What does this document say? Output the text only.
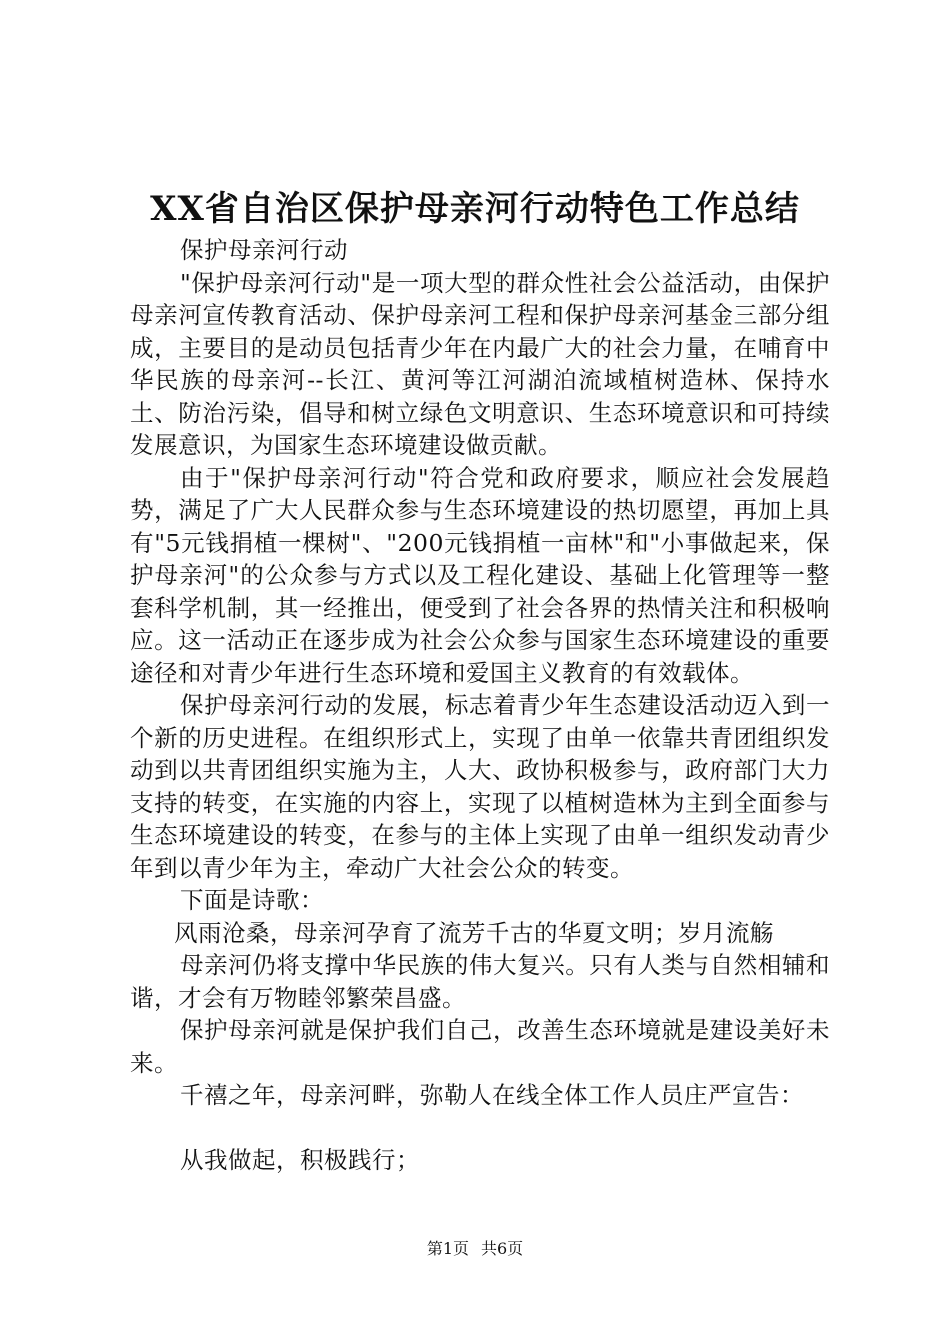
XX省自治区保护母亲河行动特色工作总结

保护母亲河行动

"保护母亲河行动"是一项大型的群众性社会公益活动，由保护母亲河宣传教育活动、保护母亲河工程和保护母亲河基金三部分组成，主要目的是动员包括青少年在内最广大的社会力量，在哺育中华民族的母亲河--长江、黄河等江河湖泊流域植树造林、保持水土、防治污染，倡导和树立绿色文明意识、生态环境意识和可持续发展意识，为国家生态环境建设做贡献。

由于"保护母亲河行动"符合党和政府要求，顺应社会发展趋势，满足了广大人民群众参与生态环境建设的热切愿望，再加上具有"5元钱捐植一棵树"、"200元钱捐植一亩林"和"小事做起来，保护母亲河"的公众参与方式以及工程化建设、基础上化管理等一整套科学机制，其一经推出，便受到了社会各界的热情关注和积极响应。这一活动正在逐步成为社会公众参与国家生态环境建设的重要途径和对青少年进行生态环境和爱国主义教育的有效载体。

保护母亲河行动的发展，标志着青少年生态建设活动迈入到一个新的历史进程。在组织形式上，实现了由单一依靠共青团组织发动到以共青团组织实施为主，人大、政协积极参与，政府部门大力支持的转变，在实施的内容上，实现了以植树造林为主到全面参与生态环境建设的转变，在参与的主体上实现了由单一组织发动青少年到以青少年为主，牵动广大社会公众的转变。

下面是诗歌：

风雨沧桑，母亲河孕育了流芳千古的华夏文明；岁月流觞

母亲河仍将支撑中华民族的伟大复兴。只有人类与自然相辅和谐，才会有万物睦邻繁荣昌盛。

保护母亲河就是保护我们自己，改善生态环境就是建设美好未来。

千禧之年，母亲河畔，弥勒人在线全体工作人员庄严宣告：

从我做起，积极践行；

第1页 共6页
